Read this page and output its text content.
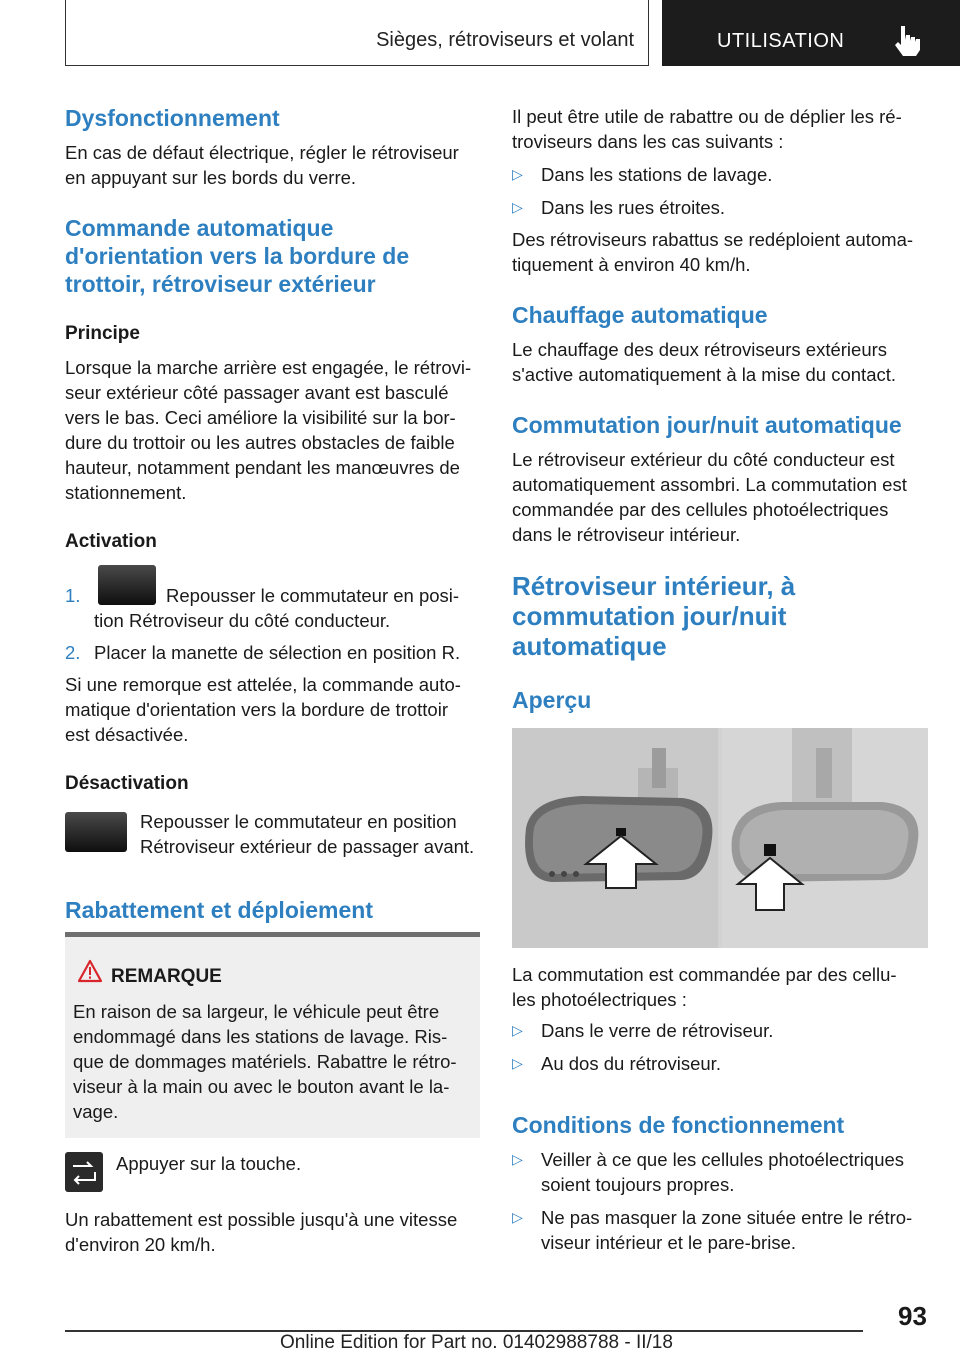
Sièges, rétroviseurs et volant	UTILISATION
Dysfonctionnement
En cas de défaut électrique, régler le rétroviseur
en appuyant sur les bords du verre.
Commande automatique
d'orientation vers la bordure de
trottoir, rétroviseur extérieur
Principe
Lorsque la marche arrière est engagée, le rétrovi-
seur extérieur côté passager avant est basculé
vers le bas. Ceci améliore la visibilité sur la bor-
dure du trottoir ou les autres obstacles de faible
hauteur, notamment pendant les manœuvres de
stationnement.
Activation
1.	Repousser le commutateur en posi-
tion Rétroviseur du côté conducteur.
2. Placer la manette de sélection en position R.
Si une remorque est attelée, la commande auto-
matique d'orientation vers la bordure de trottoir
est désactivée.
Désactivation
Repousser le commutateur en position
Rétroviseur extérieur de passager avant.
Rabattement et déploiement
REMARQUE
En raison de sa largeur, le véhicule peut être
endommagé dans les stations de lavage. Ris-
que de dommages matériels. Rabattre le rétro-
viseur à la main ou avec le bouton avant le la-
vage.
Appuyer sur la touche.
Un rabattement est possible jusqu'à une vitesse
d'environ 20 km/h.
Il peut être utile de rabattre ou de déplier les ré-
troviseurs dans les cas suivants :
▷ Dans les stations de lavage.
▷ Dans les rues étroites.
Des rétroviseurs rabattus se redéploient automa-
tiquement à environ 40 km/h.
Chauffage automatique
Le chauffage des deux rétroviseurs extérieurs
s'active automatiquement à la mise du contact.
Commutation jour/nuit automatique
Le rétroviseur extérieur du côté conducteur est
automatiquement assombri. La commutation est
commandée par des cellules photoélectriques
dans le rétroviseur intérieur.
Rétroviseur intérieur, à
commutation jour/nuit
automatique
Aperçu
La commutation est commandée par des cellu-
les photoélectriques :
▷ Dans le verre de rétroviseur.
▷ Au dos du rétroviseur.
Conditions de fonctionnement
▷ Veiller à ce que les cellules photoélectriques
soient toujours propres.
▷ Ne pas masquer la zone située entre le rétro-
viseur intérieur et le pare-brise.
93
Online Edition for Part no. 01402988788 - II/18
